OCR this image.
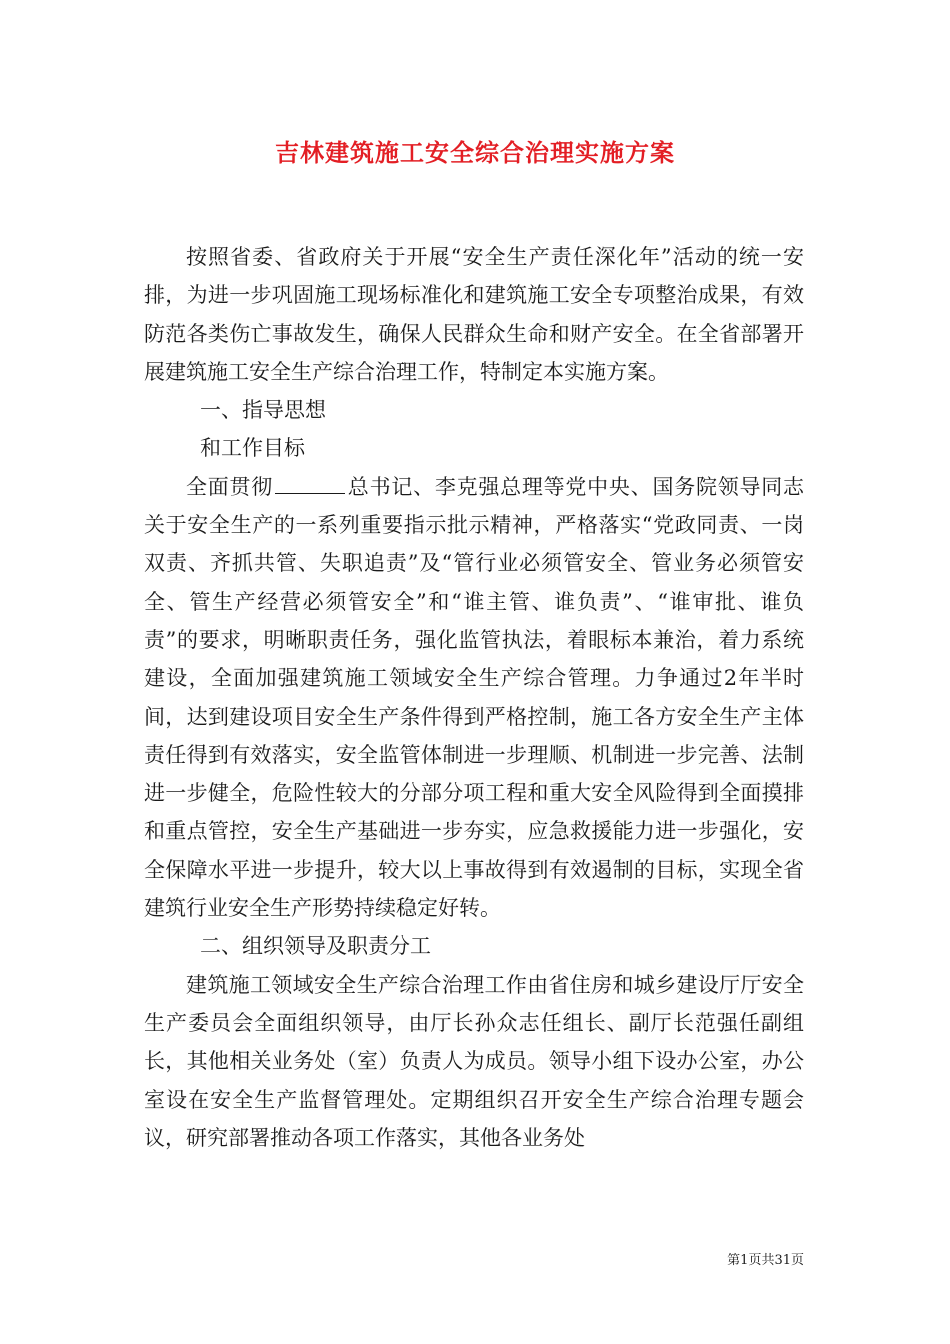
吉林建筑施工安全综合治理实施方案

按照省委、省政府关于开展“安全生产责任深化年”活动的统一安排，为进一步巩固施工现场标准化和建筑施工安全专项整治成果，有效防范各类伤亡事故发生，确保人民群众生命和财产安全。在全省部署开展建筑施工安全生产综合治理工作，特制定本实施方案。

一、指导思想

和工作目标

全面贯彻	总书记、李克强总理等党中央、国务院领导同志关于安全生产的一系列重要指示批示精神，严格落实“党政同责、一岗双责、齐抓共管、失职追责”及“管行业必须管安全、管业务必须管安全、管生产经营必须管安全”和“谁主管、谁负责”、“谁审批、谁负责”的要求，明晰职责任务，强化监管执法，着眼标本兼治，着力系统建设，全面加强建筑施工领域安全生产综合管理。力争通过2年半时间，达到建设项目安全生产条件得到严格控制，施工各方安全生产主体责任得到有效落实，安全监管体制进一步理顺、机制进一步完善、法制进一步健全，危险性较大的分部分项工程和重大安全风险得到全面摸排和重点管控，安全生产基础进一步夯实，应急救援能力进一步强化，安全保障水平进一步提升，较大以上事故得到有效遏制的目标，实现全省建筑行业安全生产形势持续稳定好转。

二、组织领导及职责分工

建筑施工领域安全生产综合治理工作由省住房和城乡建设厅厅安全生产委员会全面组织领导，由厅长孙众志任组长、副厅长范强任副组长，其他相关业务处（室）负责人为成员。领导小组下设办公室，办公室设在安全生产监督管理处。定期组织召开安全生产综合治理专题会议，研究部署推动各项工作落实，其他各业务处

第1页共31页
